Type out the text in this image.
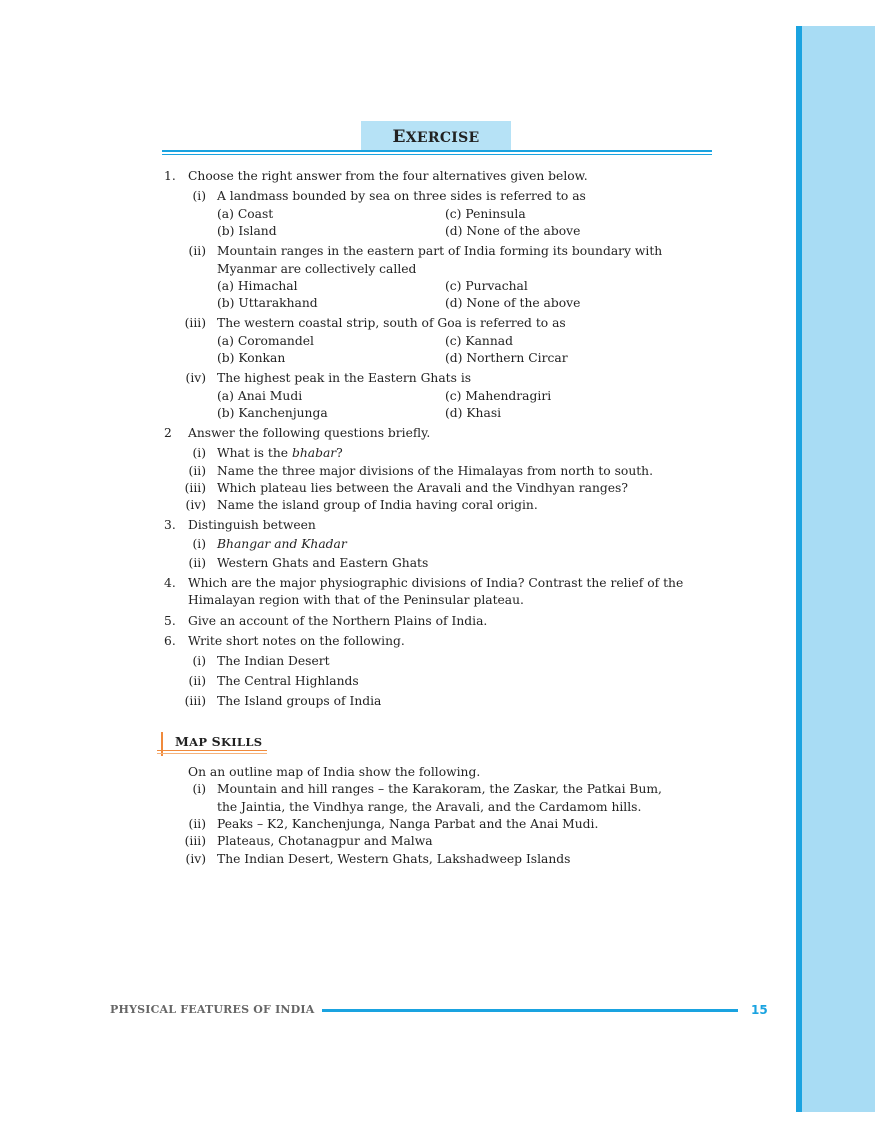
EXERCISE
1. Choose the right answer from the four alternatives given below.
(i) A landmass bounded by sea on three sides is referred to as
(a) Coast	(c) Peninsula
(b) Island	(d) None of the above
(ii) Mountain ranges in the eastern part of India forming its boundary with
Myanmar are collectively called
(a) Himachal	(c) Purvachal
(b) Uttarakhand	(d) None of the above
(iii) The western coastal strip, south of Goa is referred to as
(a) Coromandel	(c) Kannad
(b) Konkan	(d) Northern Circar
(iv) The highest peak in the Eastern Ghats is
(a) Anai Mudi	(c) Mahendragiri
(b) Kanchenjunga	(d) Khasi
2 Answer the following questions briefly.
(i) What is the bhabar?
(ii) Name the three major divisions of the Himalayas from north to south.
(iii) Which plateau lies between the Aravali and the Vindhyan ranges?
(iv) Name the island group of India having coral origin.
3. Distinguish between
(i) Bhangar and Khadar
(ii) Western Ghats and Eastern Ghats
4. Which are the major physiographic divisions of India? Contrast the relief of the
Himalayan region with that of the Peninsular plateau.
5. Give an account of the Northern Plains of India.
6. Write short notes on the following.
(i) The Indian Desert
(ii) The Central Highlands
(iii) The Island groups of India
MAP SKILLS
On an outline map of India show the following.
(i) Mountain and hill ranges – the Karakoram, the Zaskar, the Patkai Bum,
the Jaintia, the Vindhya range, the Aravali, and the Cardamom hills.
(ii) Peaks – K2, Kanchenjunga, Nanga Parbat and the Anai Mudi.
(iii) Plateaus, Chotanagpur and Malwa
(iv) The Indian Desert, Western Ghats, Lakshadweep Islands
PHYSICAL FEATURES OF INDIA	15
